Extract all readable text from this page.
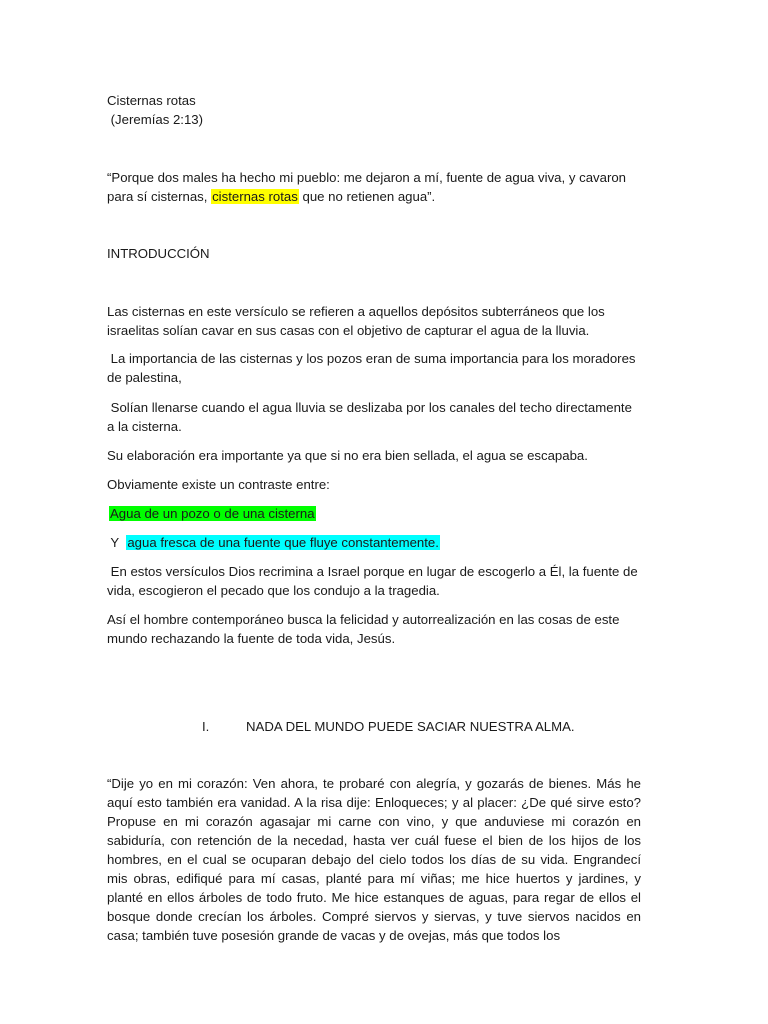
Cisternas rotas

(Jeremías 2:13)

“Porque dos males ha hecho mi pueblo: me dejaron a mí, fuente de agua viva, y cavaron para sí cisternas, cisternas rotas que no retienen agua”.

INTRODUCCIÓN

Las cisternas en este versículo se refieren a aquellos depósitos subterráneos que los israelitas solían cavar en sus casas con el objetivo de capturar el agua de la lluvia.

La importancia de las cisternas y los pozos eran de suma importancia para los moradores de palestina,

Solían llenarse cuando el agua lluvia se deslizaba por los canales del techo directamente a la cisterna.

Su elaboración era importante ya que si no era bien sellada, el agua se escapaba.

Obviamente existe un contraste entre:

Agua de un pozo o de una cisterna

Y  agua fresca de una fuente que fluye constantemente.

En estos versículos Dios recrimina a Israel porque en lugar de escogerlo a Él, la fuente de vida, escogieron el pecado que los condujo a la tragedia.

Así el hombre contemporáneo busca la felicidad y autorrealización en las cosas de este mundo rechazando la fuente de toda vida, Jesús.

I.	NADA DEL MUNDO PUEDE SACIAR NUESTRA ALMA.

“Dije yo en mi corazón: Ven ahora, te probaré con alegría, y gozarás de bienes. Más he aquí esto también era vanidad. A la risa dije: Enloqueces; y al placer: ¿De qué sirve esto? Propuse en mi corazón agasajar mi carne con vino, y que anduviese mi corazón en sabiduría, con retención de la necedad, hasta ver cuál fuese el bien de los hijos de los hombres, en el cual se ocuparan debajo del cielo todos los días de su vida. Engrandecí mis obras, edifiqué para mí casas, planté para mí viñas; me hice huertos y jardines, y planté en ellos árboles de todo fruto. Me hice estanques de aguas, para regar de ellos el bosque donde crecían los árboles. Compré siervos y siervas, y tuve siervos nacidos en casa; también tuve posesión grande de vacas y de ovejas, más que todos los
